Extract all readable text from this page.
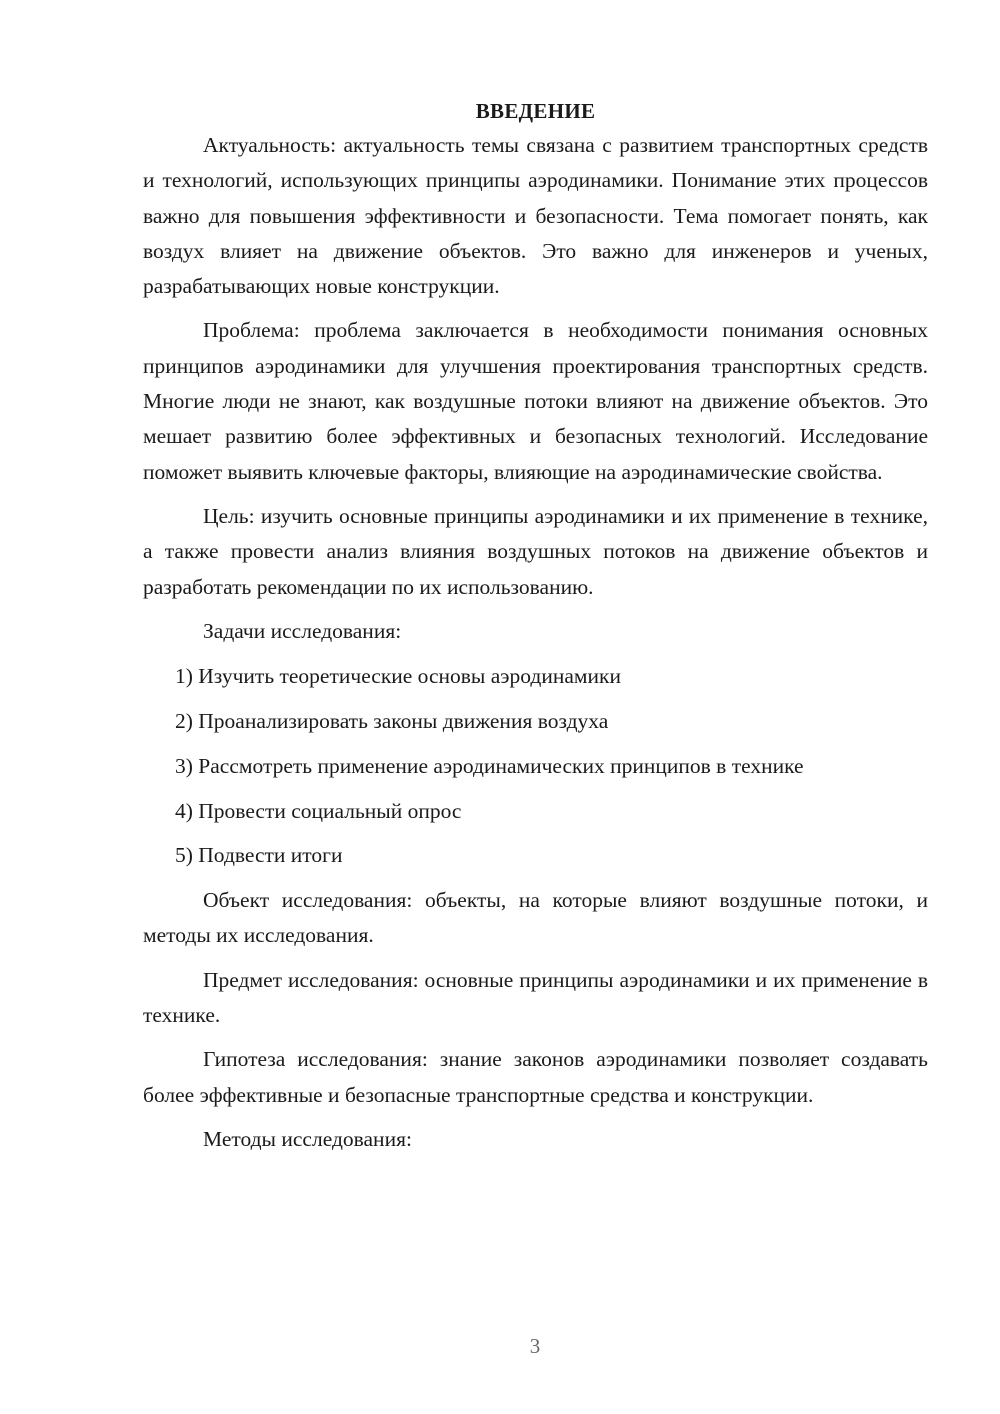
ВВЕДЕНИЕ

Актуальность: актуальность темы связана с развитием транспортных средств и технологий, использующих принципы аэродинамики. Понимание этих процессов важно для повышения эффективности и безопасности. Тема помогает понять, как воздух влияет на движение объектов. Это важно для инженеров и ученых, разрабатывающих новые конструкции.

Проблема: проблема заключается в необходимости понимания основных принципов аэродинамики для улучшения проектирования транспортных средств. Многие люди не знают, как воздушные потоки влияют на движение объектов. Это мешает развитию более эффективных и безопасных технологий. Исследование поможет выявить ключевые факторы, влияющие на аэродинамические свойства.

Цель: изучить основные принципы аэродинамики и их применение в технике, а также провести анализ влияния воздушных потоков на движение объектов и разработать рекомендации по их использованию.

Задачи исследования:

1) Изучить теоретические основы аэродинамики
2) Проанализировать законы движения воздуха
3) Рассмотреть применение аэродинамических принципов в технике
4) Провести социальный опрос
5) Подвести итоги

Объект исследования: объекты, на которые влияют воздушные потоки, и методы их исследования.

Предмет исследования: основные принципы аэродинамики и их применение в технике.

Гипотеза исследования: знание законов аэродинамики позволяет создавать более эффективные и безопасные транспортные средства и конструкции.

Методы исследования:

3
